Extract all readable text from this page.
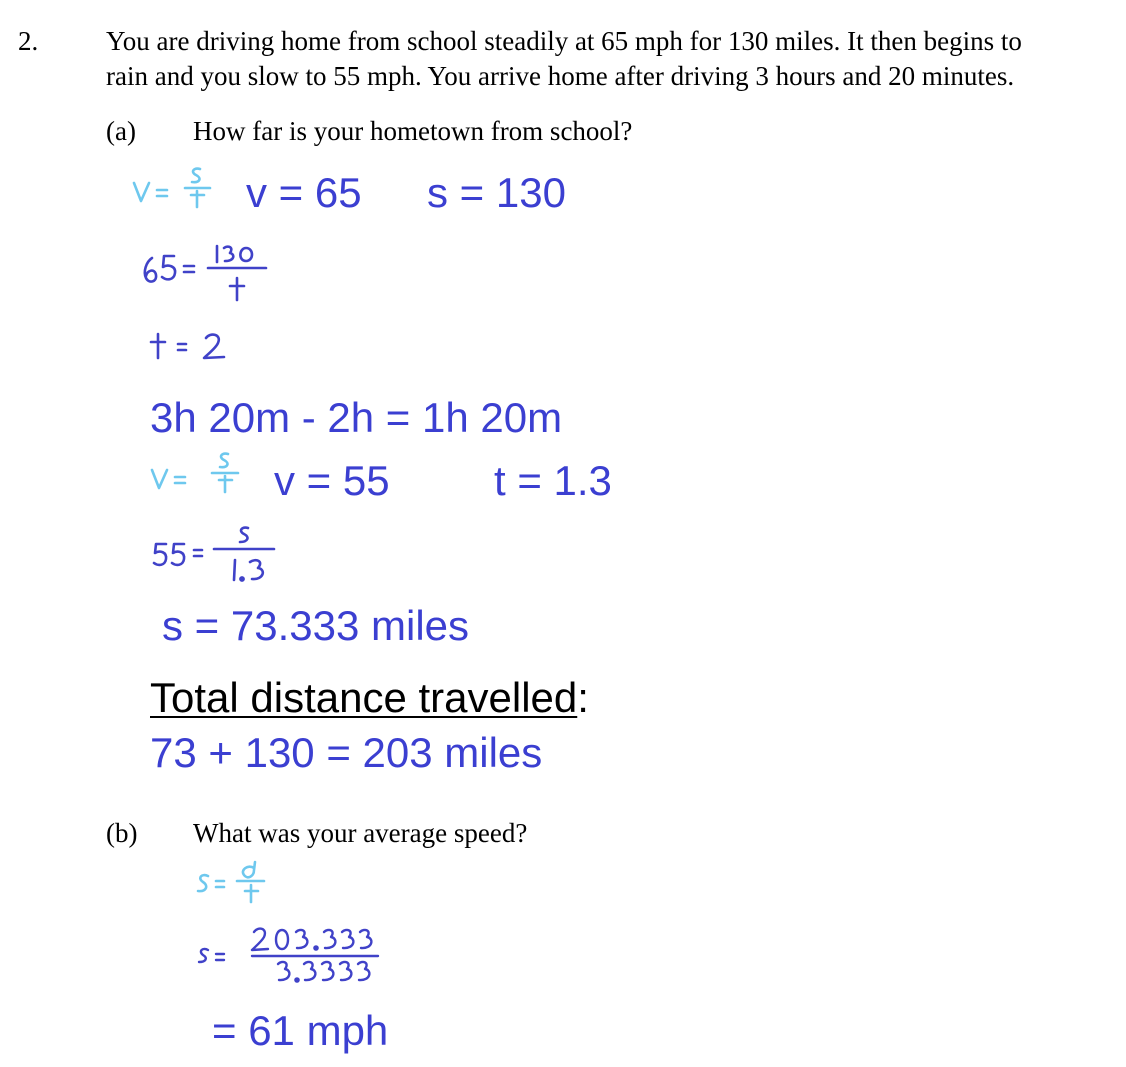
2.	You are driving home from school steadily at 65 mph for 130 miles. It then begins to
rain and you slow to 55 mph. You arrive home after driving 3 hours and 20 minutes.
(a) How far is your hometown from school?
v = 65 s = 130
3h 20m - 2h = 1h 20m
v = 55 t = 1.3
s = 73.333 miles
Total distance travelled:
73 + 130 = 203 miles
(b) What was your average speed?
= 61 mph
